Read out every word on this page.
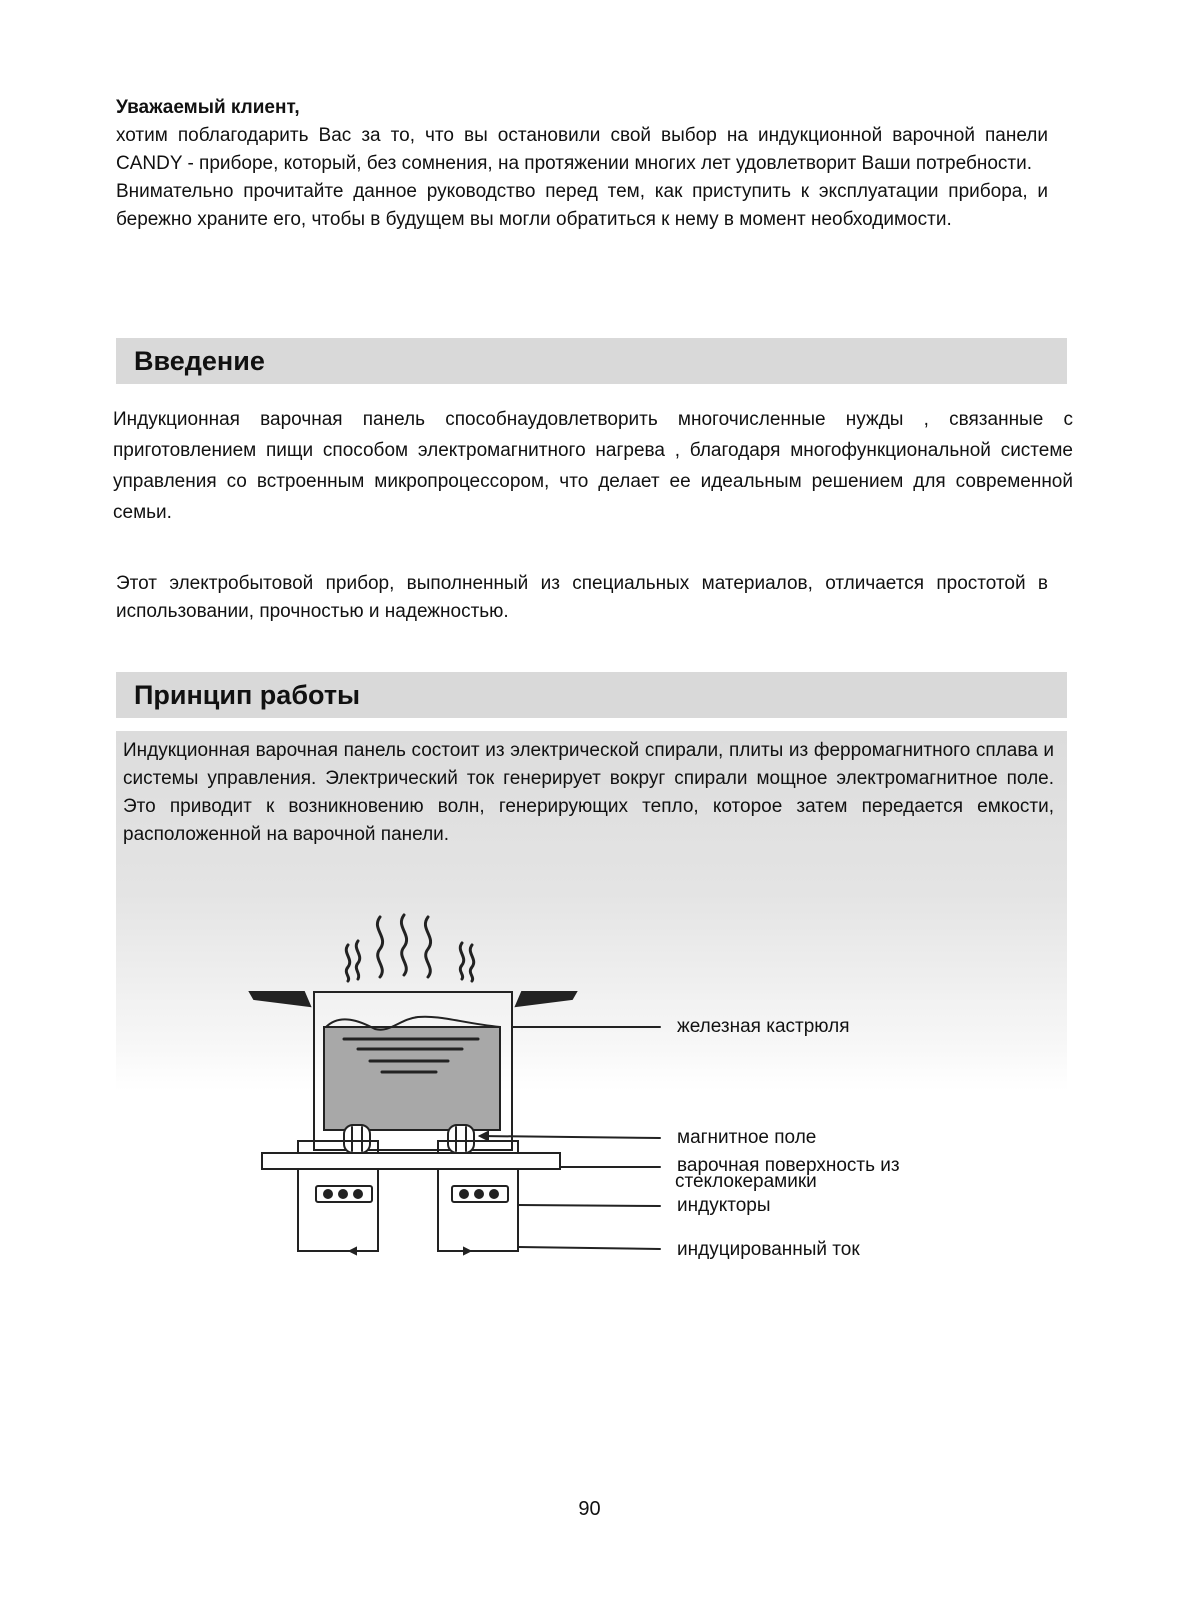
Уважаемый клиент,
хотим поблагодарить Вас за то, что вы остановили свой выбор на индукционной варочной панели CANDY - приборе, который, без сомнения, на протяжении многих лет удовлетворит Ваши потребности.
Внимательно прочитайте данное руководство перед тем, как приступить к эксплуатации прибора, и бережно храните его, чтобы в будущем вы могли обратиться к нему в момент необходимости.

Введение

Индукционная варочная панель способнаудовлетворить многочисленные нужды , связанные с приготовлением пищи способом электромагнитного нагрева , благодаря многофункциональной системе управления со встроенным микропроцессором, что делает ее идеальным решением для современной семьи.

Этот электробытовой прибор, выполненный из специальных материалов, отличается простотой в использовании, прочностью и надежностью.

Принцип работы

Индукционная варочная панель состоит из электрической спирали, плиты из ферромагнитного сплава и системы управления. Электрический ток генерирует вокруг спирали мощное электромагнитное поле. Это приводит к возникновению волн, генерирующих тепло, которое затем передается емкости, расположенной на варочной панели.

железная кастрюля
магнитное поле
варочная поверхность из
стеклокерамики
индукторы
индуцированный ток
90
